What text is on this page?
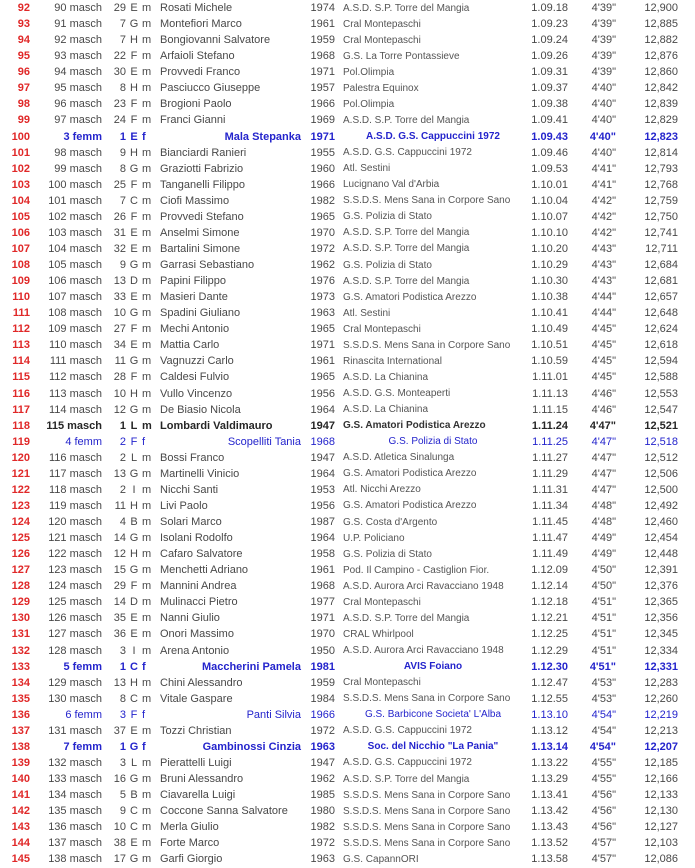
92	90 masch	29 E m Rosati Michele	1974 A.S.D. S.P. Torre del Mangia	1.09.18	4'39"	12,900
93	91 masch	7 G m Montefiori Marco	1961 Cral Montepaschi	1.09.23	4'39"	12,885
94	92 masch	7 H m Bongiovanni Salvatore	1959 Cral Montepaschi	1.09.24	4'39"	12,882
95	93 masch	22 F m Arfaioli Stefano	1968 G.S. La Torre Pontassieve	1.09.26	4'39"	12,876
96	94 masch	30 E m Provvedi Franco	1971 Pol.Olimpia	1.09.31	4'39"	12,860
97	95 masch	8 H m Pasciucco Giuseppe	1957 Palestra Equinox	1.09.37	4'40"	12,842
98	96 masch	23 F m Brogioni Paolo	1966 Pol.Olimpia	1.09.38	4'40"	12,839
99	97 masch	24 F m Franci Gianni	1969 A.S.D. S.P. Torre del Mangia	1.09.41	4'40"	12,829
100	3 femm	1 E f	Mala Stepanka 1971	A.S.D. G.S. Cappuccini 1972	1.09.43	4'40"	12,823
101	98 masch	9 H m Bianciardi Ranieri	1955 A.S.D. G.S. Cappuccini 1972	1.09.46	4'40"	12,814
102	99 masch	8 G m Graziotti Fabrizio	1960 Atl. Sestini	1.09.53	4'41"	12,793
103	100 masch	25 F m Tanganelli Filippo	1966 Lucignano Val d'Arbia	1.10.01	4'41"	12,768
104	101 masch	7 C m Ciofi Massimo	1982 S.S.D.S. Mens Sana in Corpore Sano	1.10.04	4'42"	12,759
105	102 masch	26 F m Provvedi Stefano	1965 G.S. Polizia di Stato	1.10.07	4'42"	12,750
106	103 masch	31 E m Anselmi Simone	1970 A.S.D. S.P. Torre del Mangia	1.10.10	4'42"	12,741
107	104 masch	32 E m Bartalini Simone	1972 A.S.D. S.P. Torre del Mangia	1.10.20	4'43"	12,711
108	105 masch	9 G m Garrasi Sebastiano	1962 G.S. Polizia di Stato	1.10.29	4'43"	12,684
109	106 masch	13 D m Papini Filippo	1976 A.S.D. S.P. Torre del Mangia	1.10.30	4'43"	12,681
110	107 masch	33 E m Masieri Dante	1973 G.S. Amatori Podistica Arezzo	1.10.38	4'44"	12,657
111	108 masch	10 G m Spadini Giuliano	1963 Atl. Sestini	1.10.41	4'44"	12,648
112	109 masch	27 F m Mechi Antonio	1965 Cral Montepaschi	1.10.49	4'45"	12,624
113	110 masch	34 E m Mattia Carlo	1971 S.S.D.S. Mens Sana in Corpore Sano	1.10.51	4'45"	12,618
114	111 masch	11 G m Vagnuzzi Carlo	1961 Rinascita International	1.10.59	4'45"	12,594
115	112 masch	28 F m Caldesi Fulvio	1965 A.S.D. La Chianina	1.11.01	4'45"	12,588
116	113 masch	10 H m Vullo Vincenzo	1956 A.S.D. G.S. Monteaperti	1.11.13	4'46"	12,553
117	114 masch	12 G m De Biasio Nicola	1964 A.S.D. La Chianina	1.11.15	4'46"	12,547
118	115 masch	1 L m Lombardi Valdimauro	1947 G.S. Amatori Podistica Arezzo	1.11.24	4'47"	12,521
119	4 femm	2 F f	Scopelliti Tania 1968	G.S. Polizia di Stato	1.11.25	4'47"	12,518
120	116 masch	2 L m Bossi Franco	1947 A.S.D. Atletica Sinalunga	1.11.27	4'47"	12,512
121	117 masch	13 G m Martinelli Vinicio	1964 G.S. Amatori Podistica Arezzo	1.11.29	4'47"	12,506
122	118 masch	2 I m Nicchi Santi	1953 Atl. Nicchi Arezzo	1.11.31	4'47"	12,500
123	119 masch	11 H m Livi Paolo	1956 G.S. Amatori Podistica Arezzo	1.11.34	4'48"	12,492
124	120 masch	4 B m Solari Marco	1987 G.S. Costa d'Argento	1.11.45	4'48"	12,460
125	121 masch	14 G m Isolani Rodolfo	1964 U.P. Policiano	1.11.47	4'49"	12,454
126	122 masch	12 H m Cafaro Salvatore	1958 G.S. Polizia di Stato	1.11.49	4'49"	12,448
127	123 masch	15 G m Menchetti Adriano	1961 Pod. Il Campino - Castiglion Fior.	1.12.09	4'50"	12,391
128	124 masch	29 F m Mannini Andrea	1968 A.S.D. Aurora Arci Ravacciano 1948	1.12.14	4'50"	12,376
129	125 masch	14 D m Mulinacci Pietro	1977 Cral Montepaschi	1.12.18	4'51"	12,365
130	126 masch	35 E m Nanni Giulio	1971 A.S.D. S.P. Torre del Mangia	1.12.21	4'51"	12,356
131	127 masch	36 E m Onori Massimo	1970 CRAL Whirlpool	1.12.25	4'51"	12,345
132	128 masch	3 I m Arena Antonio	1950 A.S.D. Aurora Arci Ravacciano 1948	1.12.29	4'51"	12,334
133	5 femm	1 C f	Maccherini Pamela 1981	AVIS Foiano	1.12.30	4'51"	12,331
134	129 masch	13 H m Chini Alessandro	1959 Cral Montepaschi	1.12.47	4'53"	12,283
135	130 masch	8 C m Vitale Gaspare	1984 S.S.D.S. Mens Sana in Corpore Sano	1.12.55	4'53"	12,260
136	6 femm	3 F f	Panti Silvia 1966	G.S. Barbicone Societa' L'Alba	1.13.10	4'54"	12,219
137	131 masch	37 E m Tozzi Christian	1972 A.S.D. G.S. Cappuccini 1972	1.13.12	4'54"	12,213
138	7 femm	1 G f	Gambinossi Cinzia 1963	Soc. del Nicchio "La Pania"	1.13.14	4'54"	12,207
139	132 masch	3 L m Pierattelli Luigi	1947 A.S.D. G.S. Cappuccini 1972	1.13.22	4'55"	12,185
140	133 masch	16 G m Bruni Alessandro	1962 A.S.D. S.P. Torre del Mangia	1.13.29	4'55"	12,166
141	134 masch	5 B m Ciavarella Luigi	1985 S.S.D.S. Mens Sana in Corpore Sano	1.13.41	4'56"	12,133
142	135 masch	9 C m Coccone Sanna Salvatore	1980 S.S.D.S. Mens Sana in Corpore Sano	1.13.42	4'56"	12,130
143	136 masch	10 C m Merla Giulio	1982 S.S.D.S. Mens Sana in Corpore Sano	1.13.43	4'56"	12,127
144	137 masch	38 E m Forte Marco	1972 S.S.D.S. Mens Sana in Corpore Sano	1.13.52	4'57"	12,103
145	138 masch	17 G m Garfi Giorgio	1963 G.S. CapannORI	1.13.58	4'57"	12,086
